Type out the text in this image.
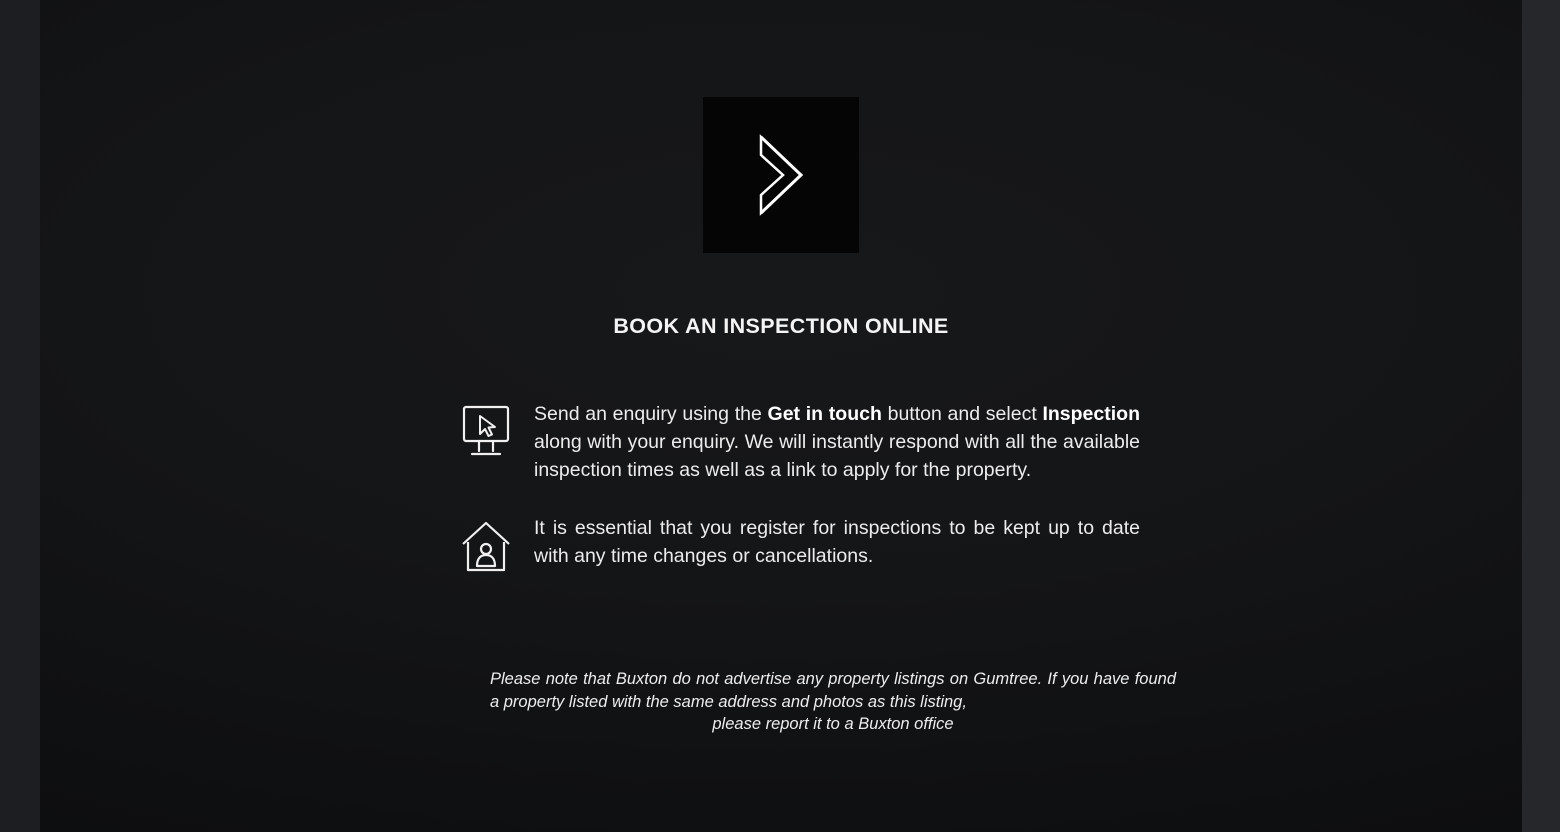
BOOK AN INSPECTION ONLINE
Send an enquiry using the Get in touch button and select Inspection along with your enquiry. We will instantly respond with all the available inspection times as well as a link to apply for the property.
It is essential that you register for inspections to be kept up to date with any time changes or cancellations.
Please note that Buxton do not advertise any property listings on Gumtree. If you have found a property listed with the same address and photos as this listing,
please report it to a Buxton office
